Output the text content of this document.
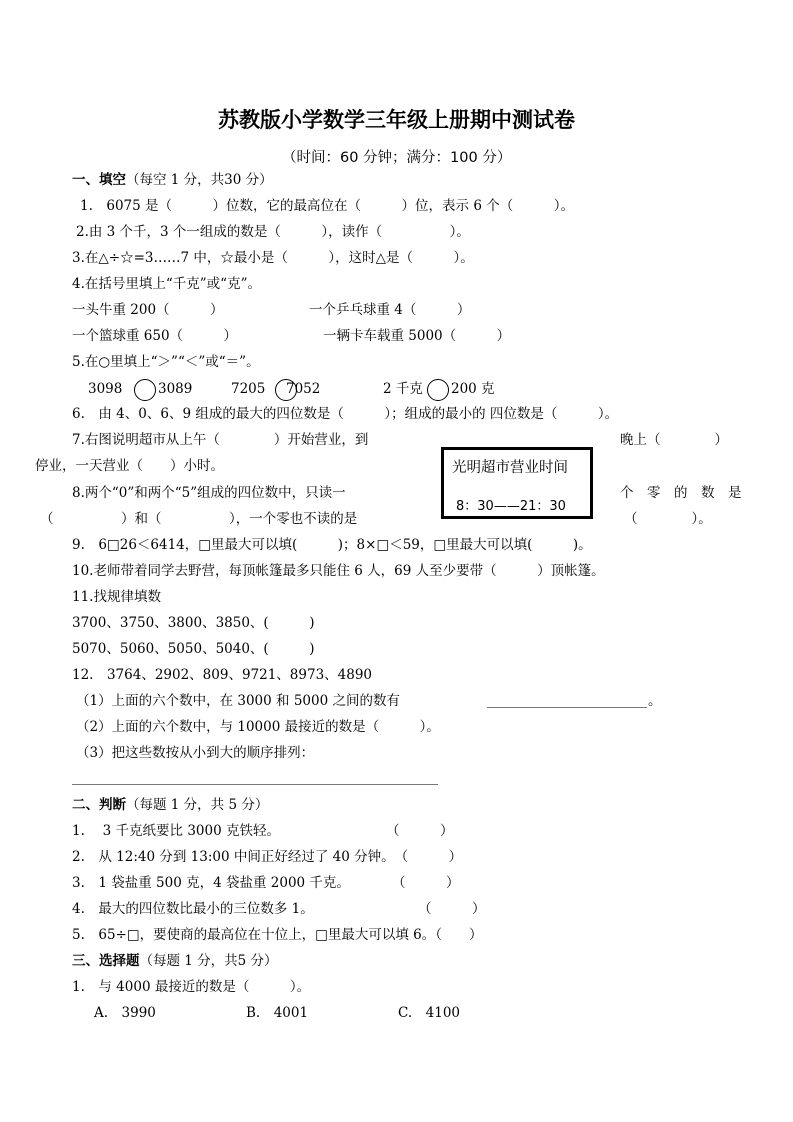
苏教版小学数学三年级上册期中测试卷
（时间：60 分钟；满分：100 分）
一、填空（每空 1 分，共30 分）
1.　6075 是（　　　）位数，它的最高位在（　　　）位，表示 6 个（　　　）。
2.由 3 个千，3 个一组成的数是（　　　），读作（　　　　　）。
3.在△÷☆=3……7 中，☆最小是（　　　），这时△是（　　　）。
4.在括号里填上“千克”或“克”。
一头牛重 200（　　　）	一个乒乓球重 4（　　　）
一个篮球重 650（　　　）	一辆卡车载重 5000（　　　）
5.在○里填上“＞”“＜”或“＝”。
3098	3089	7205 7052	2 千克 200 克
6.　由 4、0、6、9 组成的最大的四位数是（　　　）；组成的最小的 四位数是（　　　）。
7.右图说明超市从上午（　　　　）开始营业，到	晚上（　　　　）
停业，一天营业（　　）小时。
8.两个“0”和两个“5”组成的四位数中，只读一	个　零　的　数　是
（　　　　　）和（　　　　　），一个零也不读的是	（　　　　）。
光明超市营业时间
8：30——21：30
9.　6□26＜6414，□里最大可以填(　　　)；8×□＜59，□里最大可以填(　　　)。
10.老师带着同学去野营，每顶帐篷最多只能住 6 人，69 人至少要带（　　　）顶帐篷。
11.找规律填数
3700、3750、3800、3850、(　　　)
5070、5060、5050、5040、(　　　)
12.　3764、2902、809、9721、8973、4890
（1）上面的六个数中，在 3000 和 5000 之间的数有	。
（2）上面的六个数中，与 10000 最接近的数是（　　　）。
（3）把这些数按从小到大的顺序排列：
二、判断（每题 1 分，共 5 分）
1.　 3 千克纸要比 3000 克铁轻。	（　　　）
2.　从 12:40 分到 13:00 中间正好经过了 40 分钟。　（　　　）
3.　1 袋盐重 500 克，4 袋盐重 2000 千克。	（　　　）
4.　最大的四位数比最小的三位数多 1。	（　　　）
5.　65÷□，要使商的最高位在十位上，□里最大可以填 6。（　　）
三、选择题（每题 1 分，共5 分）
1.　与 4000 最接近的数是（　　　）。
A.　3990	B.　4001	C.　4100
